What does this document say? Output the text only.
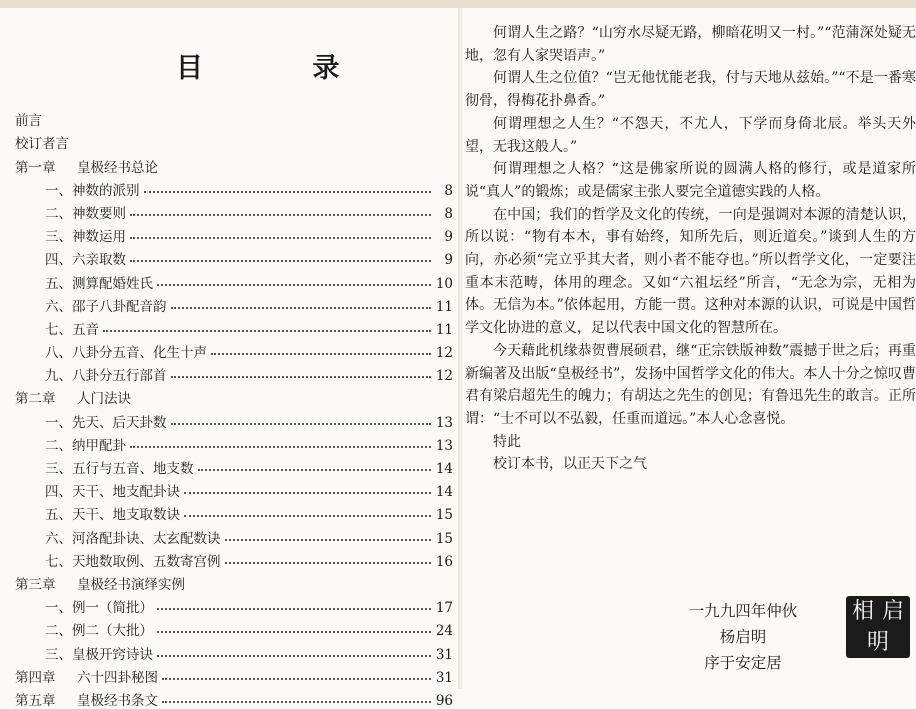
目 录
前言
校订者言
第一章	皇极经书总论
一、神数的派别	8
二、神数要则	8
三、神数运用	9
四、六亲取数	9
五、测算配婚姓氏	10
六、邵子八卦配音韵	11
七、五音	11
八、八卦分五音、化生十声	12
九、八卦分五行部首	12
第二章	人门法诀
一、先天、后天卦数	13
二、纳甲配卦	13
三、五行与五音、地支数	14
四、天干、地支配卦诀	14
五、天干、地支取数诀	15
六、河洛配卦诀、太玄配数诀	15
七、天地数取例、五数寄宫例	16
第三章	皇极经书演绎实例
一、例一（简批）	17
二、例二（大批）	24
三、皇极开窍诗诀	31
第四章	六十四卦秘图	31
第五章	皇极经书条文	96

何谓人生之路？“山穷水尽疑无路，柳暗花明又一村。”“范蒲深处疑无地，忽有人家哭语声。”

何谓人生之位值？“岂无他忧能老我，付与天地从兹始。”“不是一番寒彻骨，得梅花扑鼻香。”

何谓理想之人生？“不怨天，不尤人，下学而身倚北辰。举头天外望，无我这般人。”

何谓理想之人格？“这是佛家所说的圆满人格的修行，或是道家所说“真人”的锻炼；或是儒家主张人要完全道德实践的人格。

在中国；我们的哲学及文化的传统，一向是强调对本源的清楚认识，所以说：“物有本木，事有始终，知所先后，则近道矣。”谈到人生的方向，亦必须“完立乎其大者，则小者不能夺也。”所以哲学文化，一定要注重本末范畴，体用的理念。又如“六祖坛经”所言，“无念为宗，无相为体。无信为本。”依体起用，方能一贯。这种对本源的认识，可说是中国哲学文化协进的意义，足以代表中国文化的智慧所在。

今天藉此机缘恭贺曹展硕君，继“正宗铁版神数”震撼于世之后；再重新编著及出版“皇极经书”，发扬中国哲学文化的伟大。本人十分之惊叹曹君有梁启超先生的魄力；有胡达之先生的创见；有鲁迅先生的敢言。正所谓：“士不可以不弘毅，任重而道远。”本人心念喜悦。

特此

校订本书，以正天下之气

一九九四年仲伙
杨启明
序于安定居
相 启
明
